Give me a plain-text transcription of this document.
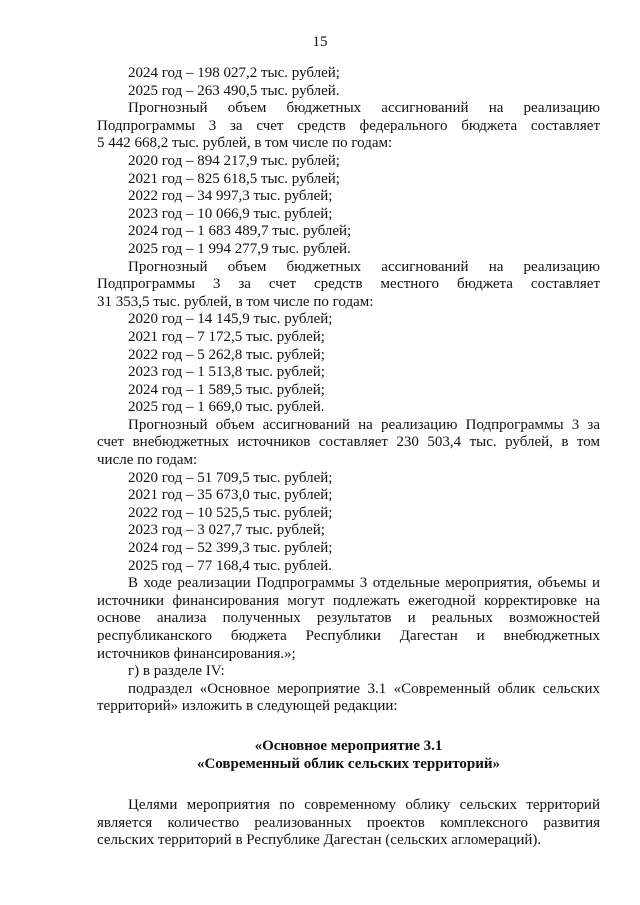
15
2024 год – 198 027,2 тыс. рублей;
2025 год – 263 490,5 тыс. рублей.
Прогнозный объем бюджетных ассигнований на реализацию
Подпрограммы 3 за счет средств федерального бюджета составляет
5 442 668,2 тыс. рублей, в том числе по годам:
2020 год – 894 217,9 тыс. рублей;
2021 год – 825 618,5 тыс. рублей;
2022 год – 34 997,3 тыс. рублей;
2023 год – 10 066,9 тыс. рублей;
2024 год – 1 683 489,7 тыс. рублей;
2025 год – 1 994 277,9 тыс. рублей.
Прогнозный объем бюджетных ассигнований на реализацию
Подпрограммы 3 за счет средств местного бюджета составляет
31 353,5 тыс. рублей, в том числе по годам:
2020 год – 14 145,9 тыс. рублей;
2021 год – 7 172,5 тыс. рублей;
2022 год – 5 262,8 тыс. рублей;
2023 год – 1 513,8 тыс. рублей;
2024 год – 1 589,5 тыс. рублей;
2025 год – 1 669,0 тыс. рублей.
Прогнозный объем ассигнований на реализацию Подпрограммы 3 за
счет внебюджетных источников составляет 230 503,4 тыс. рублей, в том
числе по годам:
2020 год – 51 709,5 тыс. рублей;
2021 год – 35 673,0 тыс. рублей;
2022 год – 10 525,5 тыс. рублей;
2023 год – 3 027,7 тыс. рублей;
2024 год – 52 399,3 тыс. рублей;
2025 год – 77 168,4 тыс. рублей.
В ходе реализации Подпрограммы 3 отдельные мероприятия, объемы и
источники финансирования могут подлежать ежегодной корректировке на
основе анализа полученных результатов и реальных возможностей
республиканского бюджета Республики Дагестан и внебюджетных
источников финансирования.»;
г) в разделе IV:
подраздел «Основное мероприятие 3.1 «Современный облик сельских
территорий» изложить в следующей редакции:
«Основное мероприятие 3.1
«Современный облик сельских территорий»
Целями мероприятия по современному облику сельских территорий
является количество реализованных проектов комплексного развития
сельских территорий в Республике Дагестан (сельских агломераций).
